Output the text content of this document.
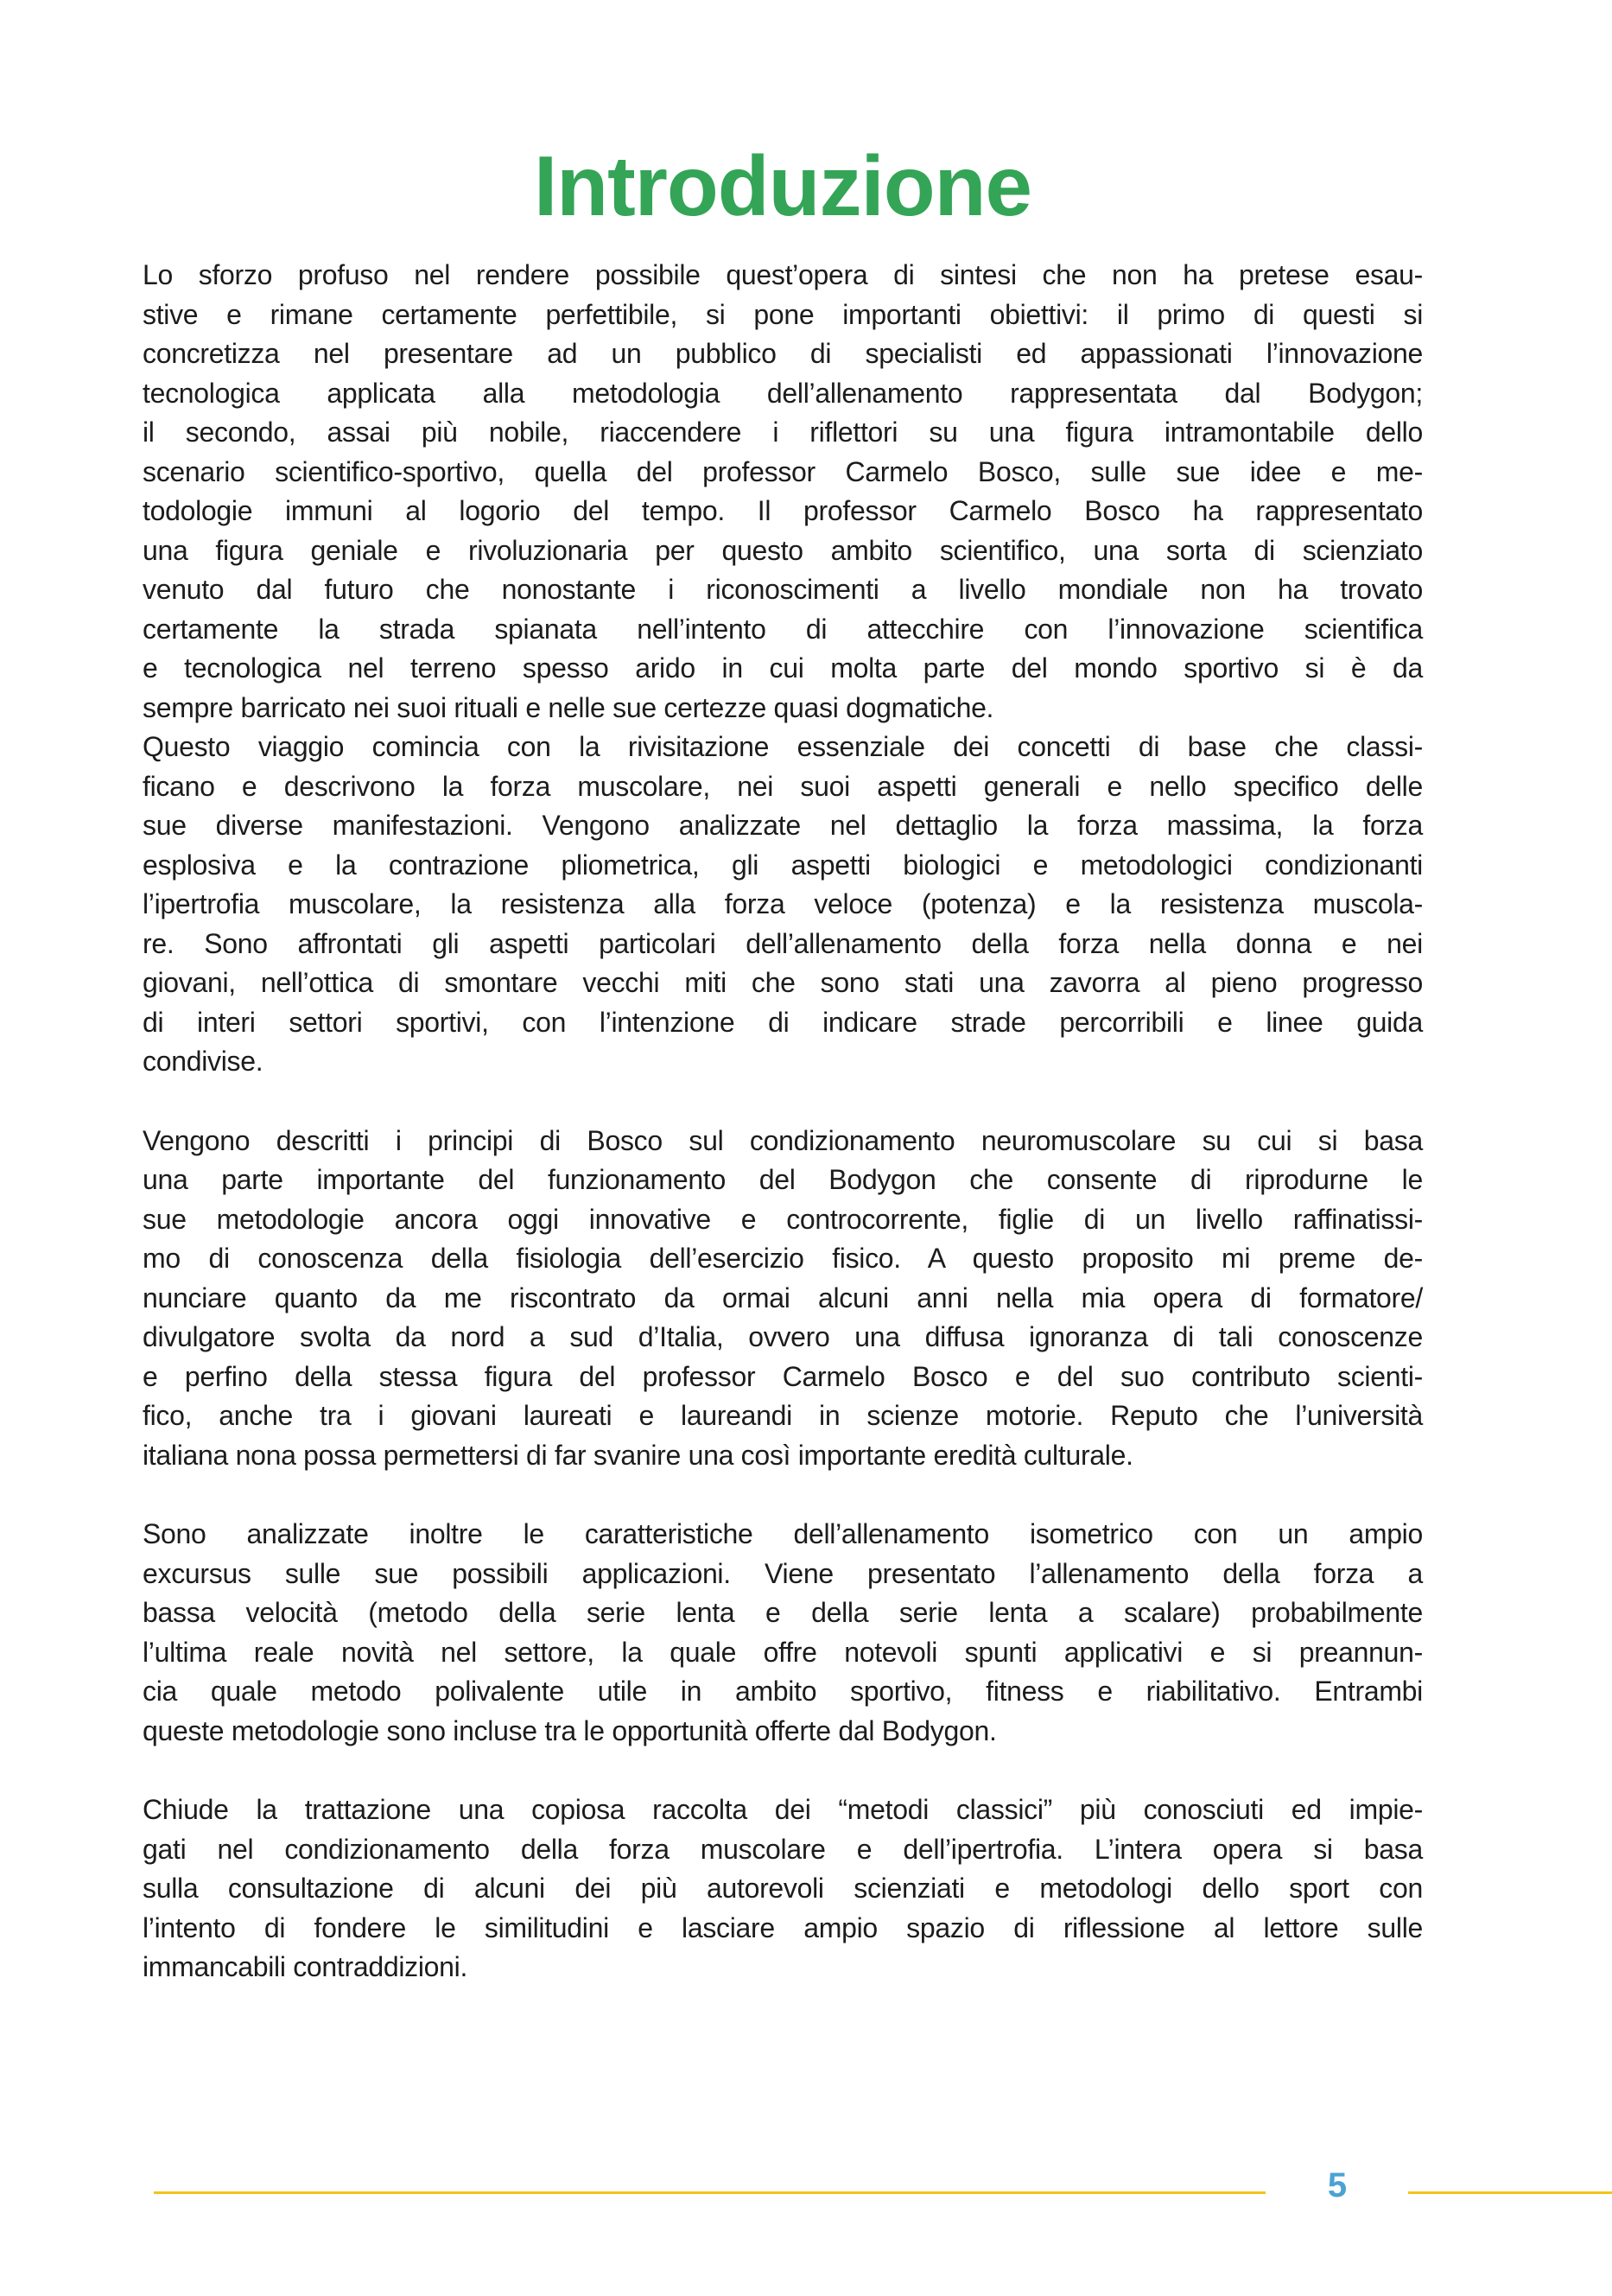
Introduzione
Lo sforzo profuso nel rendere possibile quest’opera di sintesi che non ha pretese esau-
stive e rimane certamente perfettibile, si pone importanti obiettivi: il primo di questi si
concretizza nel presentare ad un pubblico di specialisti ed appassionati l’innovazione
tecnologica applicata alla metodologia dell’allenamento rappresentata dal Bodygon;
il secondo, assai più nobile, riaccendere i riflettori su una figura intramontabile dello
scenario scientifico-sportivo, quella del professor Carmelo Bosco, sulle sue idee e me-
todologie immuni al logorio del tempo. Il professor Carmelo Bosco ha rappresentato
una figura geniale e rivoluzionaria per questo ambito scientifico, una sorta di scienziato
venuto dal futuro che nonostante i riconoscimenti a livello mondiale non ha trovato
certamente la strada spianata nell’intento di attecchire con l’innovazione scientifica
e tecnologica nel terreno spesso arido in cui molta parte del mondo sportivo si è da
sempre barricato nei suoi rituali e nelle sue certezze quasi dogmatiche.
Questo viaggio comincia con la rivisitazione essenziale dei concetti di base che classi-
ficano e descrivono la forza muscolare, nei suoi aspetti generali e nello specifico delle
sue diverse manifestazioni. Vengono analizzate nel dettaglio la forza massima, la forza
esplosiva e la contrazione pliometrica, gli aspetti biologici e metodologici condizionanti
l’ipertrofia muscolare, la resistenza alla forza veloce (potenza) e la resistenza muscola-
re. Sono affrontati gli aspetti particolari dell’allenamento della forza nella donna e nei
giovani, nell’ottica di smontare vecchi miti che sono stati una zavorra al pieno progresso
di interi settori sportivi, con l’intenzione di indicare strade percorribili e linee guida
condivise.
Vengono descritti i principi di Bosco sul condizionamento neuromuscolare su cui si basa
una parte importante del funzionamento del Bodygon che consente di riprodurne le
sue metodologie ancora oggi innovative e controcorrente, figlie di un livello raffinatissi-
mo di conoscenza della fisiologia dell’esercizio fisico. A questo proposito mi preme de-
nunciare quanto da me riscontrato da ormai alcuni anni nella mia opera di formatore/
divulgatore svolta da nord a sud d’Italia, ovvero una diffusa ignoranza di tali conoscenze
e perfino della stessa figura del professor Carmelo Bosco e del suo contributo scienti-
fico, anche tra i giovani laureati e laureandi in scienze motorie. Reputo che l’università
italiana nona possa permettersi di far svanire una così importante eredità culturale.
Sono analizzate inoltre le caratteristiche dell’allenamento isometrico con un ampio
excursus sulle sue possibili applicazioni. Viene presentato l’allenamento della forza a
bassa velocità (metodo della serie lenta e della serie lenta a scalare) probabilmente
l’ultima reale novità nel settore, la quale offre notevoli spunti applicativi e si preannun-
cia quale metodo polivalente utile in ambito sportivo, fitness e riabilitativo. Entrambi
queste metodologie sono incluse tra le opportunità offerte dal Bodygon.
Chiude la trattazione una copiosa raccolta dei “metodi classici” più conosciuti ed impie-
gati nel condizionamento della forza muscolare e dell’ipertrofia. L’intera opera si basa
sulla consultazione di alcuni dei più autorevoli scienziati e metodologi dello sport con
l’intento di fondere le similitudini e lasciare ampio spazio di riflessione al lettore sulle
immancabili contraddizioni.
5
